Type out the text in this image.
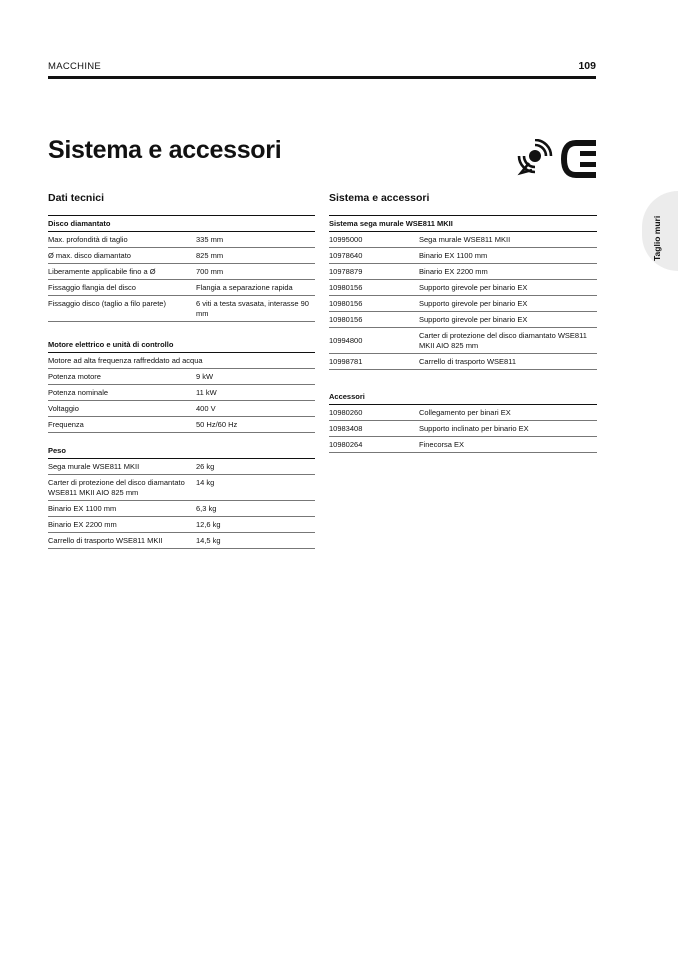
MACCHINE	109
Sistema e accessori
Taglio muri
Dati tecnici
Disco diamantato
Max. profondità di taglio	335 mm
Ø max. disco diamantato	825 mm
Liberamente applicabile fino a Ø	700 mm
Fissaggio flangia del disco	Flangia a separazione rapida
Fissaggio disco (taglio a filo parete)	6 viti a testa svasata, interasse 90 mm
Motore elettrico e unità di controllo
Motore ad alta frequenza raffreddato ad acqua	
Potenza motore	9 kW
Potenza nominale	11 kW
Voltaggio	400 V
Frequenza	50 Hz/60 Hz
Peso
Sega murale WSE811 MKII	26 kg
Carter di protezione del disco diamantato WSE811 MKII AIO 825 mm	14 kg
Binario EX 1100 mm	6,3 kg
Binario EX 2200 mm	12,6 kg
Carrello di trasporto WSE811 MKII	14,5 kg
Sistema e accessori
Sistema sega murale WSE811 MKII
10995000	Sega murale WSE811 MKII
10978640	Binario EX 1100 mm
10978879	Binario EX 2200 mm
10980156	Supporto girevole per binario EX
10980156	Supporto girevole per binario EX
10980156	Supporto girevole per binario EX
10994800	Carter di protezione del disco diamantato WSE811 MKII AIO 825 mm
10998781	Carrello di trasporto WSE811
Accessori
10980260	Collegamento per binari EX
10983408	Supporto inclinato per binario EX
10980264	Finecorsa EX
